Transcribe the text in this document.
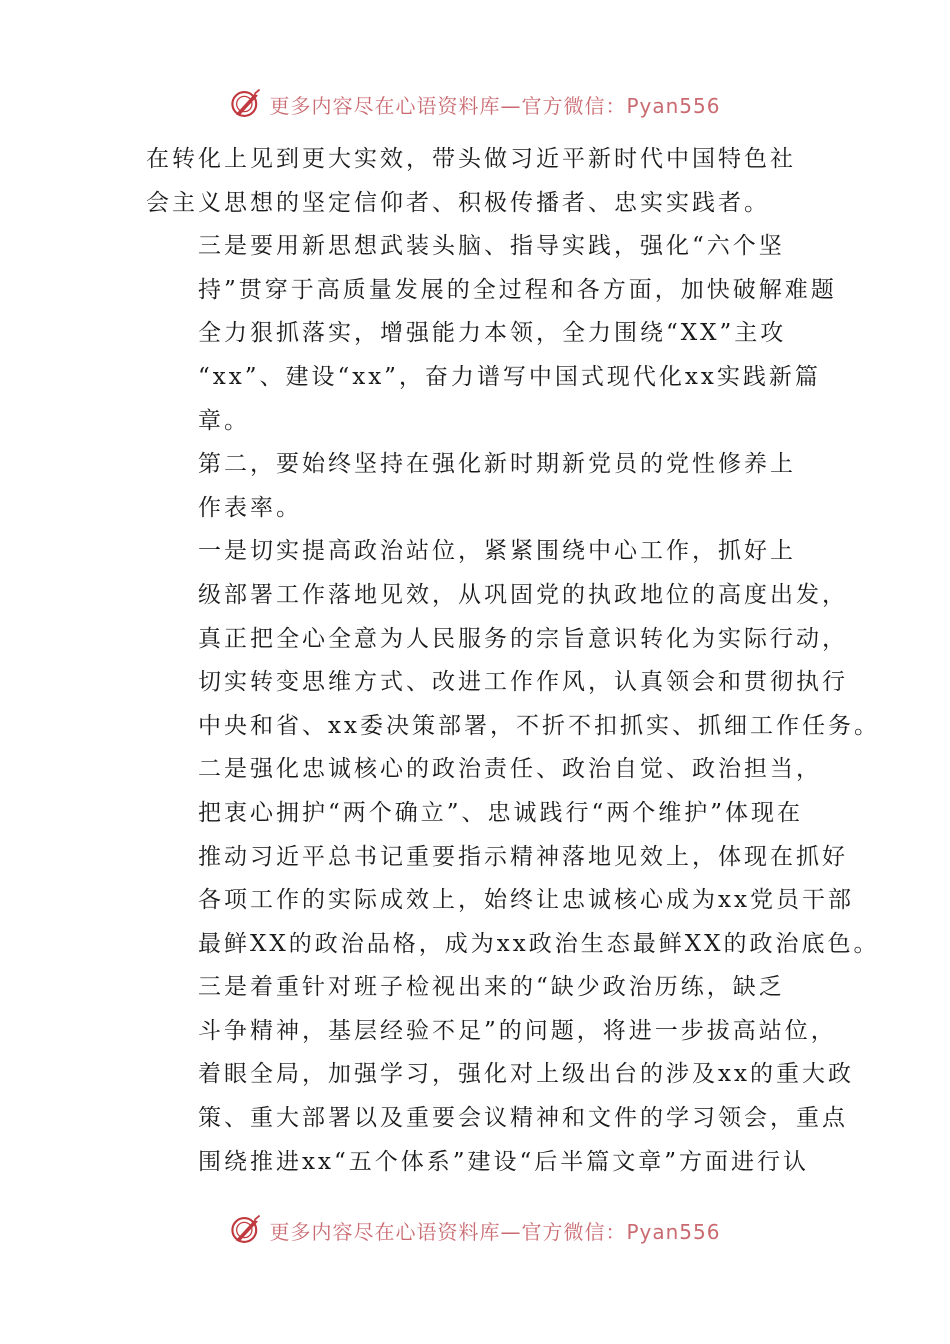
更多内容尽在心语资料库—官方微信：Pyan556

在转化上见到更大实效，带头做习近平新时代中国特色社
会主义思想的坚定信仰者、积极传播者、忠实实践者。

三是要用新思想武装头脑、指导实践，强化“六个坚
持”贯穿于高质量发展的全过程和各方面，加快破解难题
全力狠抓落实，增强能力本领，全力围绕“XX”主攻
“xx”、建设“xx”，奋力谱写中国式现代化xx实践新篇
章。

第二，要始终坚持在强化新时期新党员的党性修养上
作表率。

一是切实提高政治站位，紧紧围绕中心工作，抓好上
级部署工作落地见效，从巩固党的执政地位的高度出发，
真正把全心全意为人民服务的宗旨意识转化为实际行动，
切实转变思维方式、改进工作作风，认真领会和贯彻执行
中央和省、xx委决策部署，不折不扣抓实、抓细工作任务。

二是强化忠诚核心的政治责任、政治自觉、政治担当，
把衷心拥护“两个确立”、忠诚践行“两个维护”体现在
推动习近平总书记重要指示精神落地见效上，体现在抓好
各项工作的实际成效上，始终让忠诚核心成为xx党员干部
最鲜XX的政治品格，成为xx政治生态最鲜XX的政治底色。

三是着重针对班子检视出来的“缺少政治历练，缺乏
斗争精神，基层经验不足”的问题，将进一步拔高站位，
着眼全局，加强学习，强化对上级出台的涉及xx的重大政
策、重大部署以及重要会议精神和文件的学习领会，重点
围绕推进xx“五个体系”建设“后半篇文章”方面进行认

更多内容尽在心语资料库—官方微信：Pyan556
